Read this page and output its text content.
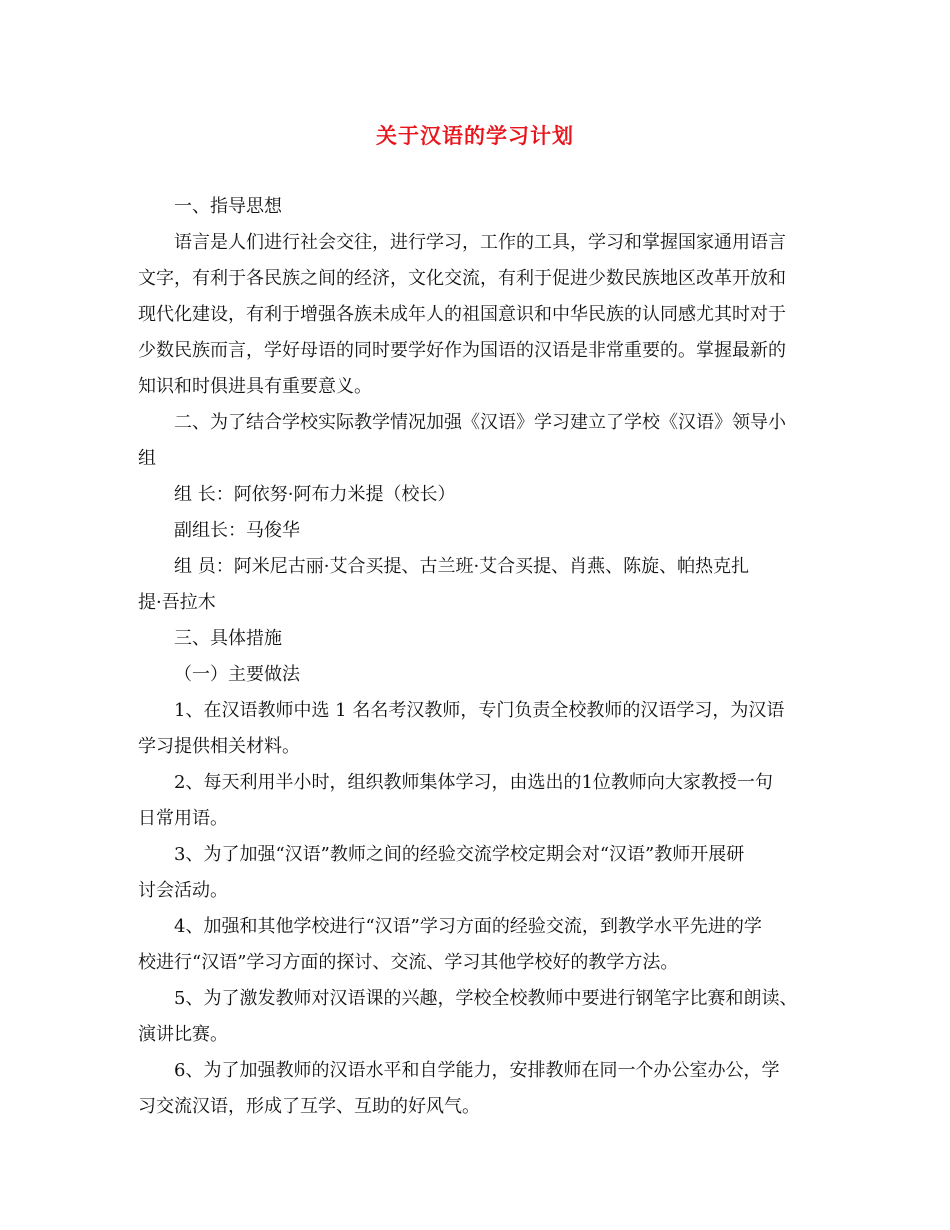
关于汉语的学习计划
一、指导思想
语言是人们进行社会交往，进行学习，工作的工具，学习和掌握国家通用语言
文字，有利于各民族之间的经济，文化交流，有利于促进少数民族地区改革开放和
现代化建设，有利于增强各族未成年人的祖国意识和中华民族的认同感尤其时对于
少数民族而言，学好母语的同时要学好作为国语的汉语是非常重要的。掌握最新的
知识和时俱进具有重要意义。
二、为了结合学校实际教学情况加强《汉语》学习建立了学校《汉语》领导小
组
组 长：阿依努·阿布力米提（校长）
副组长：马俊华
组 员：阿米尼古丽·艾合买提、古兰班·艾合买提、肖燕、陈旋、帕热克扎
提·吾拉木
三、具体措施
（一）主要做法
1、在汉语教师中选 1 名名考汉教师，专门负责全校教师的汉语学习，为汉语
学习提供相关材料。
2、每天利用半小时，组织教师集体学习，由选出的1位教师向大家教授一句
日常用语。
3、为了加强“汉语”教师之间的经验交流学校定期会对“汉语”教师开展研
讨会活动。
4、加强和其他学校进行“汉语”学习方面的经验交流，到教学水平先进的学
校进行“汉语”学习方面的探讨、交流、学习其他学校好的教学方法。
5、为了激发教师对汉语课的兴趣，学校全校教师中要进行钢笔字比赛和朗读、
演讲比赛。
6、为了加强教师的汉语水平和自学能力，安排教师在同一个办公室办公，学
习交流汉语，形成了互学、互助的好风气。
